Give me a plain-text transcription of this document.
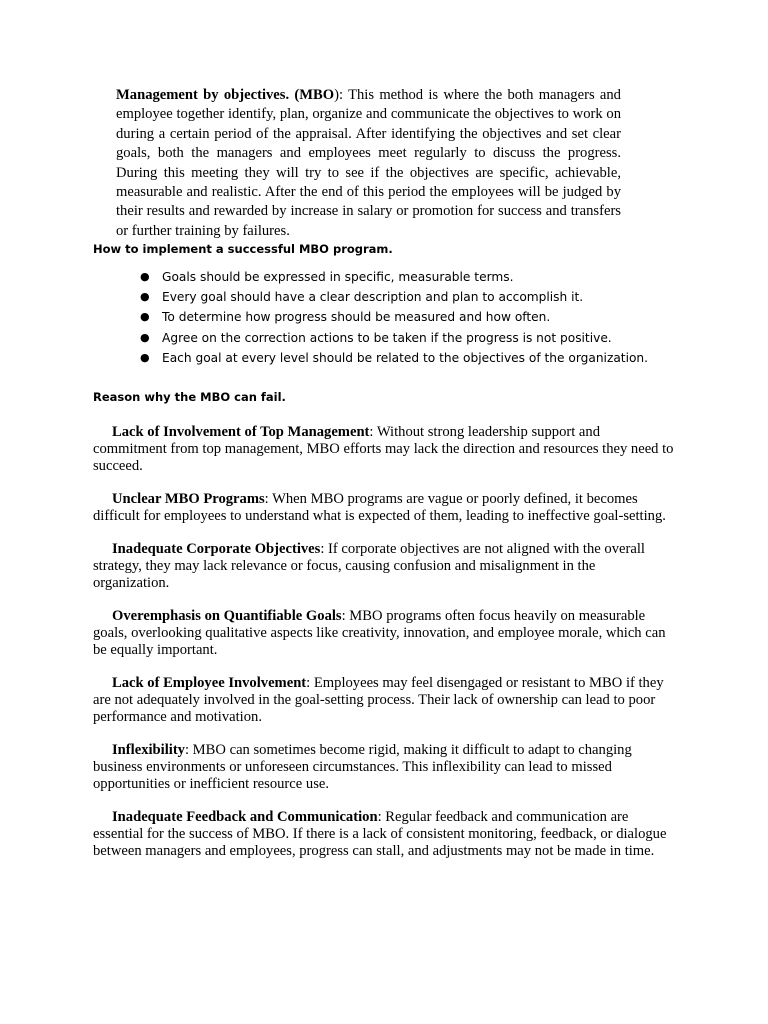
Management by objectives. (MBO): This method is where the both managers and employee together identify, plan, organize and communicate the objectives to work on during a certain period of the appraisal. After identifying the objectives and set clear goals, both the managers and employees meet regularly to discuss the progress. During this meeting they will try to see if the objectives are specific, achievable, measurable and realistic. After the end of this period the employees will be judged by their results and rewarded by increase in salary or promotion for success and transfers or further training by failures.

How to implement a successful MBO program.
● Goals should be expressed in specific, measurable terms.
● Every goal should have a clear description and plan to accomplish it.
● To determine how progress should be measured and how often.
● Agree on the correction actions to be taken if the progress is not positive.
● Each goal at every level should be related to the objectives of the organization.
Reason why the MBO can fail.

Lack of Involvement of Top Management: Without strong leadership support and commitment from top management, MBO efforts may lack the direction and resources they need to succeed.

Unclear MBO Programs: When MBO programs are vague or poorly defined, it becomes difficult for employees to understand what is expected of them, leading to ineffective goal-setting.

Inadequate Corporate Objectives: If corporate objectives are not aligned with the overall strategy, they may lack relevance or focus, causing confusion and misalignment in the organization.

Overemphasis on Quantifiable Goals: MBO programs often focus heavily on measurable goals, overlooking qualitative aspects like creativity, innovation, and employee morale, which can be equally important.

Lack of Employee Involvement: Employees may feel disengaged or resistant to MBO if they are not adequately involved in the goal-setting process. Their lack of ownership can lead to poor performance and motivation.

Inflexibility: MBO can sometimes become rigid, making it difficult to adapt to changing business environments or unforeseen circumstances. This inflexibility can lead to missed opportunities or inefficient resource use.

Inadequate Feedback and Communication: Regular feedback and communication are essential for the success of MBO. If there is a lack of consistent monitoring, feedback, or dialogue between managers and employees, progress can stall, and adjustments may not be made in time.
